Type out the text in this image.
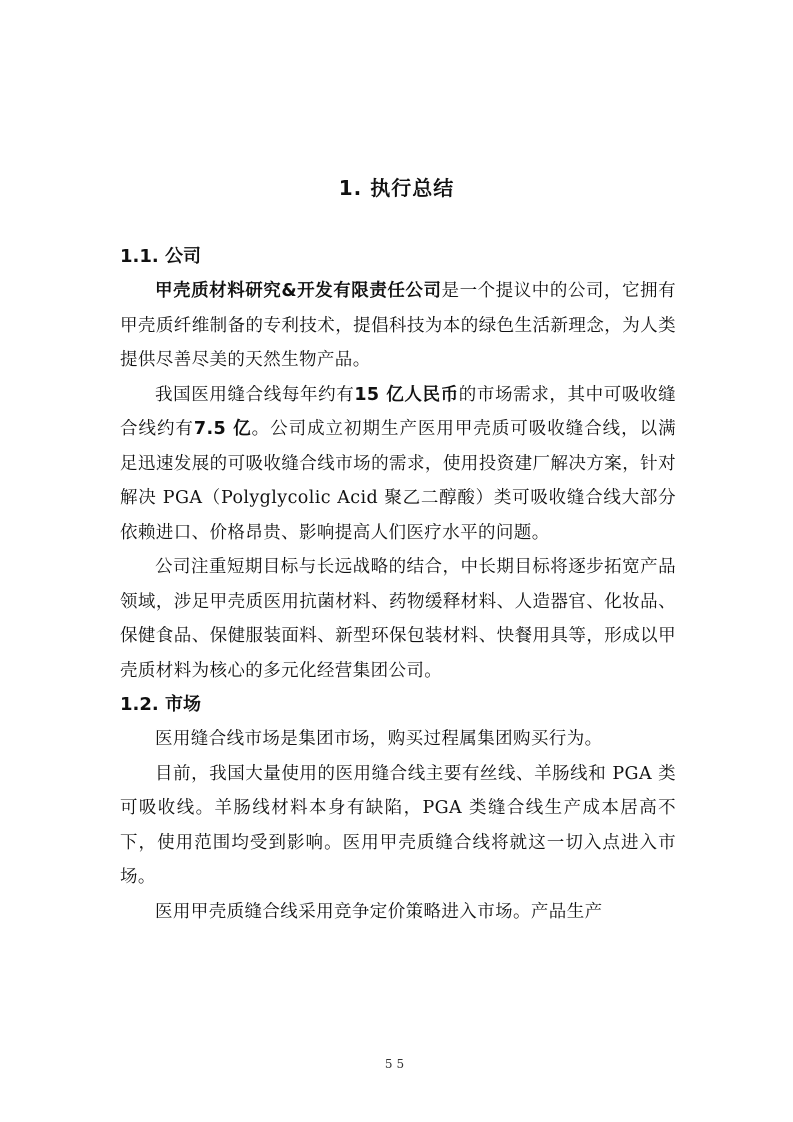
1. 执行总结
1.1. 公司

甲壳质材料研究&开发有限责任公司是一个提议中的公司，它拥有甲壳质纤维制备的专利技术，提倡科技为本的绿色生活新理念，为人类提供尽善尽美的天然生物产品。

我国医用缝合线每年约有15 亿人民币的市场需求，其中可吸收缝合线约有7.5 亿。公司成立初期生产医用甲壳质可吸收缝合线，以满足迅速发展的可吸收缝合线市场的需求，使用投资建厂解决方案，针对解决 PGA（Polyglycolic Acid 聚乙二醇酸）类可吸收缝合线大部分依赖进口、价格昂贵、影响提高人们医疗水平的问题。

公司注重短期目标与长远战略的结合，中长期目标将逐步拓宽产品领域，涉足甲壳质医用抗菌材料、药物缓释材料、人造器官、化妆品、保健食品、保健服装面料、新型环保包装材料、快餐用具等，形成以甲壳质材料为核心的多元化经营集团公司。

1.2. 市场

医用缝合线市场是集团市场，购买过程属集团购买行为。

目前，我国大量使用的医用缝合线主要有丝线、羊肠线和 PGA 类可吸收线。羊肠线材料本身有缺陷，PGA 类缝合线生产成本居高不下，使用范围均受到影响。医用甲壳质缝合线将就这一切入点进入市场。

医用甲壳质缝合线采用竞争定价策略进入市场。产品生产

55
